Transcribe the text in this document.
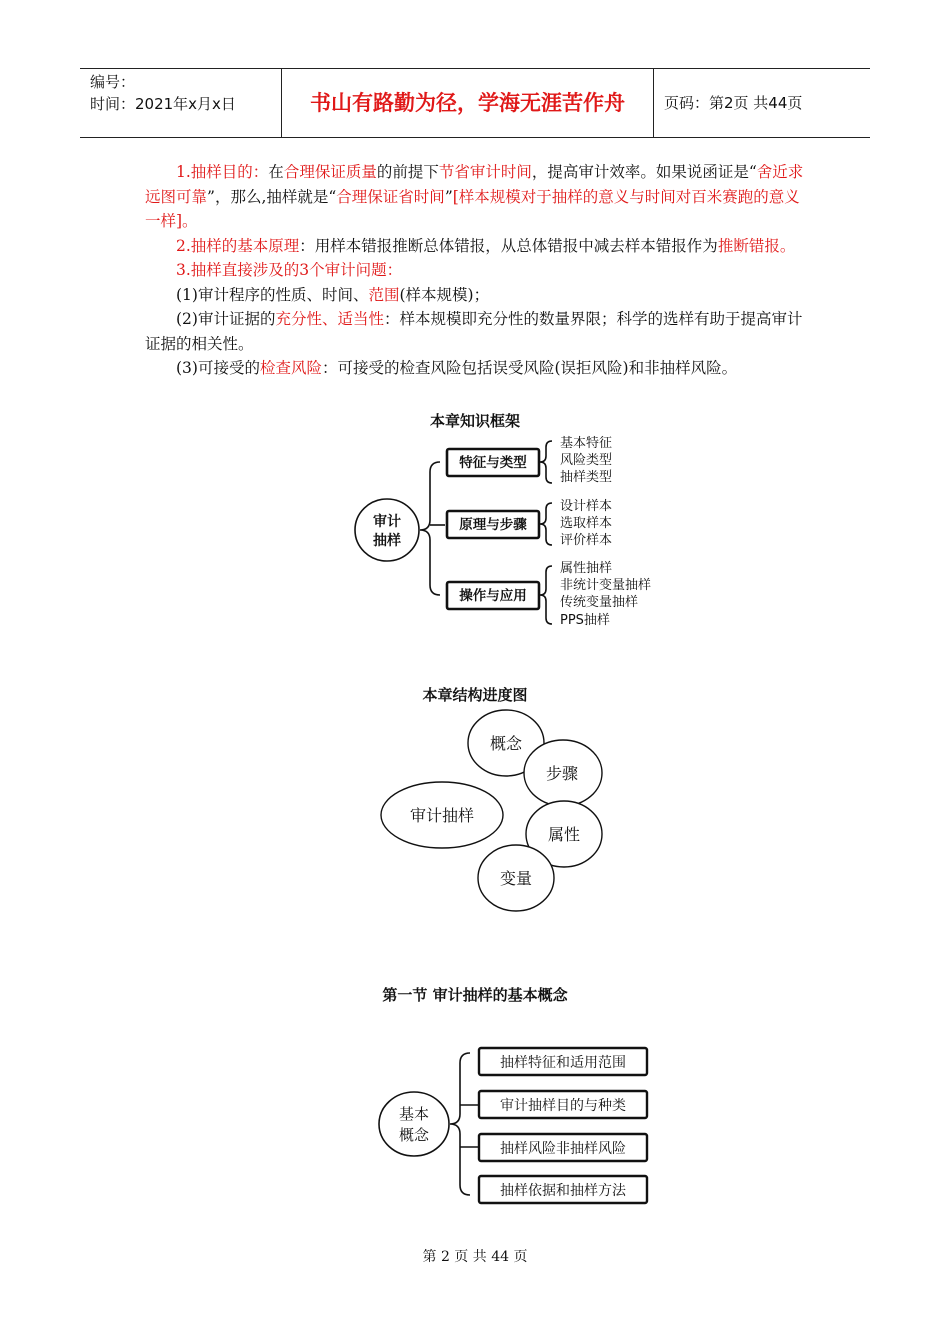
编号：
时间：2021年x月x日	书山有路勤为径，学海无涯苦作舟	页码：第2页 共44页

1.抽样目的：在合理保证质量的前提下节省审计时间，提高审计效率。如果说函证是“舍近求远图可靠”，那么,抽样就是“合理保证省时间”[样本规模对于抽样的意义与时间对百米赛跑的意义一样]。

2.抽样的基本原理：用样本错报推断总体错报，从总体错报中减去样本错报作为推断错报。

3.抽样直接涉及的3个审计问题：

(1)审计程序的性质、时间、范围(样本规模)；

(2)审计证据的充分性、适当性：样本规模即充分性的数量界限；科学的选样有助于提高审计证据的相关性。

(3)可接受的检查风险：可接受的检查风险包括误受风险(误拒风险)和非抽样风险。

本章知识框架
本章结构进度图
第一节 审计抽样的基本概念
审计
抽样
特征与类型
原理与步骤
操作与应用
基本特征
风险类型
抽样类型
设计样本
选取样本
评价样本
属性抽样
非统计变量抽样
传统变量抽样
PPS抽样
审计抽样
概念
步骤
属性
变量
基本
概念
抽样特征和适用范围
审计抽样目的与种类
抽样风险非抽样风险
抽样依据和抽样方法
第 2 页 共 44 页
